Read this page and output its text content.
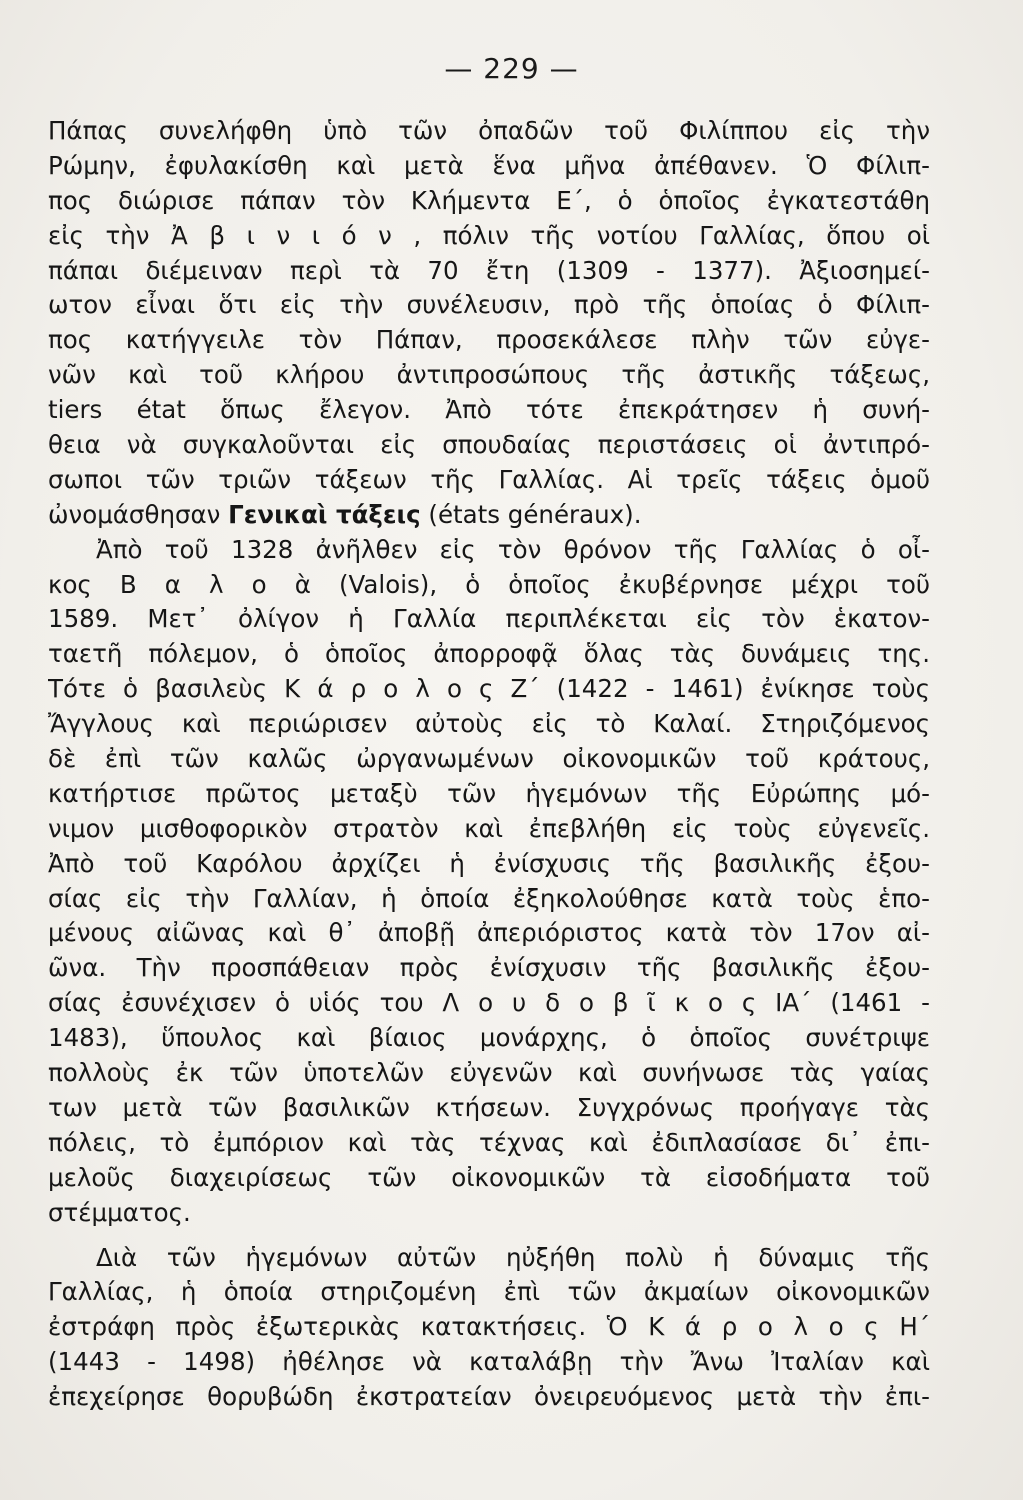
— 229 —
Πάπας συνελήφθη ὑπὸ τῶν ὀπαδῶν τοῦ Φιλίππου εἰς τὴν
Ρώμην, ἐφυλακίσθη καὶ μετὰ ἕνα μῆνα ἀπέθανεν. Ὁ Φίλιπ-
πος διώρισε πάπαν τὸν Κλήμεντα Ε΄, ὁ ὁποῖος ἐγκατεστάθη
εἰς τὴν Ἀ β ι ν ι ό ν , πόλιν τῆς νοτίου Γαλλίας, ὅπου οἱ
πάπαι διέμειναν περὶ τὰ 70 ἔτη (1309 - 1377). Ἀξιοσημεί-
ωτον εἶναι ὅτι εἰς τὴν συνέλευσιν, πρὸ τῆς ὁποίας ὁ Φίλιπ-
πος κατήγγειλε τὸν Πάπαν, προσεκάλεσε πλὴν τῶν εὐγε-
νῶν καὶ τοῦ κλήρου ἀντιπροσώπους τῆς ἀστικῆς τάξεως,
tiers état ὅπως ἔλεγον. Ἀπὸ τότε ἐπεκράτησεν ἡ συνή-
θεια νὰ συγκαλοῦνται εἰς σπουδαίας περιστάσεις οἱ ἀντιπρό-
σωποι τῶν τριῶν τάξεων τῆς Γαλλίας. Αἱ τρεῖς τάξεις ὁμοῦ
ὠνομάσθησαν Γενικαὶ τάξεις (états généraux).
Ἀπὸ τοῦ 1328 ἀνῆλθεν εἰς τὸν θρόνον τῆς Γαλλίας ὁ οἶ-
κος Β α λ ο ὰ (Valois), ὁ ὁποῖος ἐκυβέρνησε μέχρι τοῦ
1589. Μετ᾽ ὀλίγον ἡ Γαλλία περιπλέκεται εἰς τὸν ἑκατον-
ταετῆ πόλεμον, ὁ ὁποῖος ἀπορροφᾷ ὅλας τὰς δυνάμεις της.
Τότε ὁ βασιλεὺς Κ ά ρ ο λ ο ς Ζ΄ (1422 - 1461) ἐνίκησε τοὺς
Ἄγγλους καὶ περιώρισεν αὐτοὺς εἰς τὸ Καλαί. Στηριζόμενος
δὲ ἐπὶ τῶν καλῶς ὠργανωμένων οἰκονομικῶν τοῦ κράτους,
κατήρτισε πρῶτος μεταξὺ τῶν ἡγεμόνων τῆς Εὐρώπης μό-
νιμον μισθοφορικὸν στρατὸν καὶ ἐπεβλήθη εἰς τοὺς εὐγενεῖς.
Ἀπὸ τοῦ Καρόλου ἀρχίζει ἡ ἐνίσχυσις τῆς βασιλικῆς ἐξου-
σίας εἰς τὴν Γαλλίαν, ἡ ὁποία ἐξηκολούθησε κατὰ τοὺς ἑπο-
μένους αἰῶνας καὶ θ᾽ ἀποβῇ ἀπεριόριστος κατὰ τὸν 17ον αἰ-
ῶνα. Τὴν προσπάθειαν πρὸς ἐνίσχυσιν τῆς βασιλικῆς ἐξου-
σίας ἐσυνέχισεν ὁ υἱός του Λ ο υ δ ο β ῖ κ ο ς ΙΑ΄ (1461 -
1483), ὕπουλος καὶ βίαιος μονάρχης, ὁ ὁποῖος συνέτριψε
πολλοὺς ἐκ τῶν ὑποτελῶν εὐγενῶν καὶ συνήνωσε τὰς γαίας
των μετὰ τῶν βασιλικῶν κτήσεων. Συγχρόνως προήγαγε τὰς
πόλεις, τὸ ἐμπόριον καὶ τὰς τέχνας καὶ ἐδιπλασίασε δι᾽ ἐπι-
μελοῦς διαχειρίσεως τῶν οἰκονομικῶν τὰ εἰσοδήματα τοῦ
στέμματος.
Διὰ τῶν ἡγεμόνων αὐτῶν ηὐξήθη πολὺ ἡ δύναμις τῆς
Γαλλίας, ἡ ὁποία στηριζομένη ἐπὶ τῶν ἀκμαίων οἰκονομικῶν
ἐστράφη πρὸς ἐξωτερικὰς κατακτήσεις. Ὁ Κ ά ρ ο λ ο ς Η΄
(1443 - 1498) ἠθέλησε νὰ καταλάβῃ τὴν Ἄνω Ἰταλίαν καὶ
ἐπεχείρησε θορυβώδη ἐκστρατείαν ὀνειρευόμενος μετὰ τὴν ἐπι-
